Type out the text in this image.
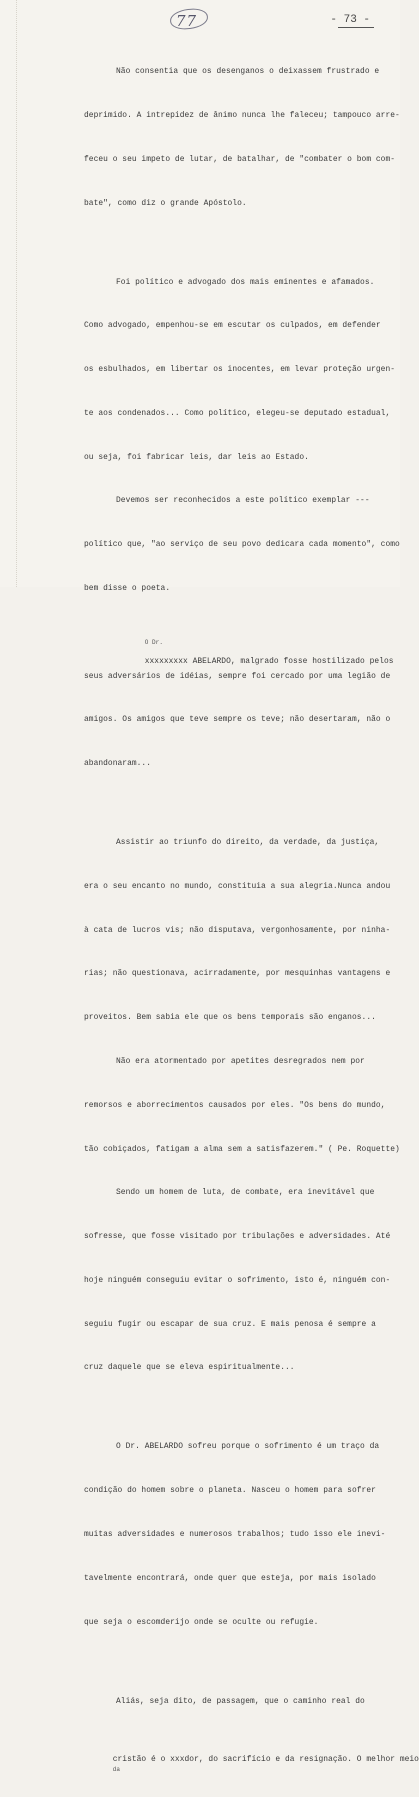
77	- 73 -

Não consentia que os desenganos o deixassem frustrado e

deprimido. A intrepidez de ânimo nunca lhe faleceu; tampouco arre-

feceu o seu impeto de lutar, de batalhar, de "combater o bom com-

bate", como diz o grande Apóstolo.

Foi político e advogado dos mais eminentes e afamados.

Como advogado, empenhou-se em escutar os culpados, em defender

os esbulhados, em libertar os inocentes, em levar proteção urgen-

te aos condenados... Como político, elegeu-se deputado estadual,

ou seja, foi fabricar leis, dar leis ao Estado.

Devemos ser reconhecidos a este político exemplar ---

político que, "ao serviço de seu povo dedicara cada momento", como

bem disse o poeta.

$^{O Dr.}$
xxxxxxxxx ABELARDO, malgrado fosse hostilizado pelos

seus adversários de idéias, sempre foi cercado por uma legião de

amigos. Os amigos que teve sempre os teve; não desertaram, não o

abandonaram...

Assistir ao triunfo do direito, da verdade, da justiça,

era o seu encanto no mundo, constituia a sua alegria.Nunca andou

à cata de lucros vis; não disputava, vergonhosamente, por ninha-

rias; não questionava, acirradamente, por mesquinhas vantagens e

proveitos. Bem sabia ele que os bens temporais são enganos...

Não era atormentado por apetites desregrados nem por

remorsos e aborrecimentos causados por eles. "Os bens do mundo,

tão cobiçados, fatigam a alma sem a satisfazerem." ( Pe. Roquette)

Sendo um homem de luta, de combate, era inevitável que

sofresse, que fosse visitado por tribulações e adversidades. Até

hoje ninguém conseguiu evitar o sofrimento, isto é, ninguém con-

seguiu fugir ou escapar de sua cruz. E mais penosa é sempre a

cruz daquele que se eleva espiritualmente...

O Dr. ABELARDO sofreu porque o sofrimento é um traço da

condição do homem sobre o planeta. Nasceu o homem para sofrer

muitas adversidades e numerosos trabalhos; tudo isso ele inevi-

tavelmente encontrará, onde quer que esteja, por mais isolado

que seja o escomderijo onde se oculte ou refugie.

Aliás, seja dito, de passagem, que o caminho real do

cristão é o xxxdor, do sacrifício e da resignação. O melhor meio
$^{da}$
